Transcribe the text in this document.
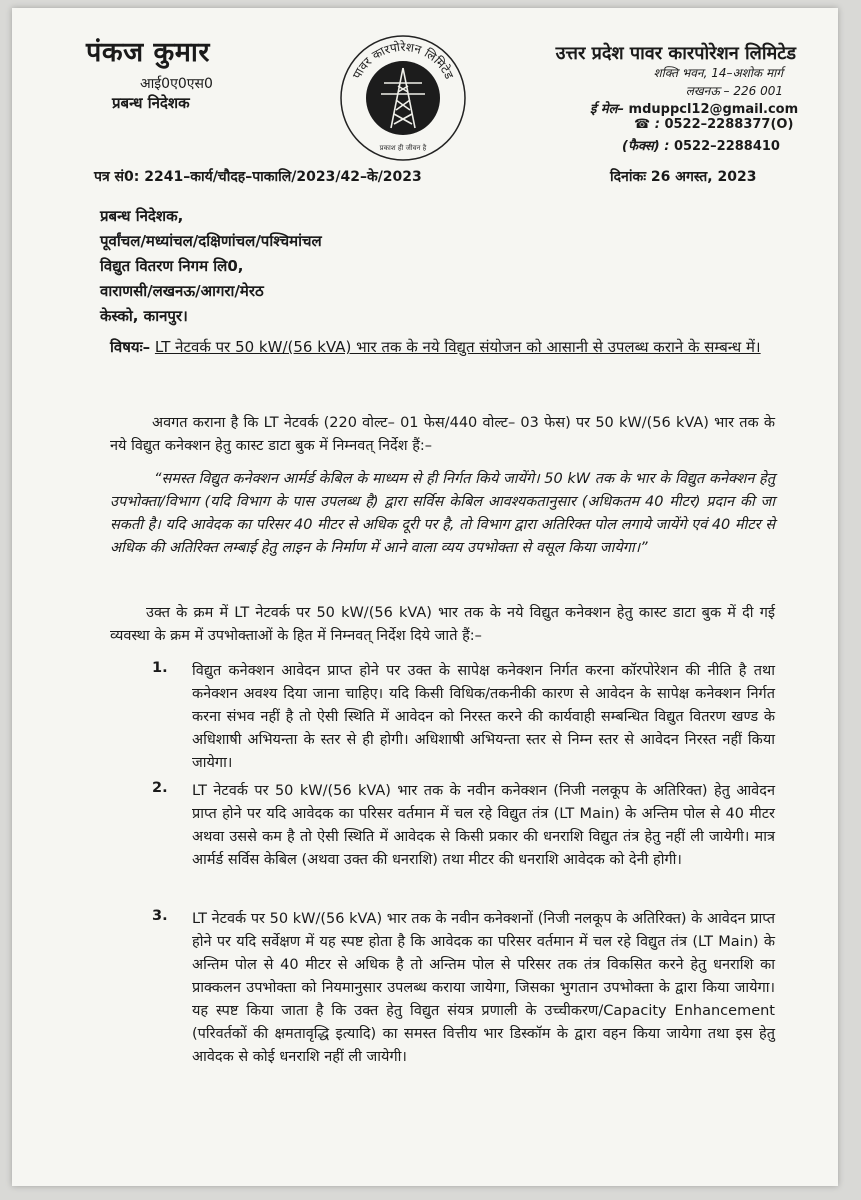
पंकज कुमार
आई0ए0एस0
प्रबन्ध निदेशक
पावर कारपोरेशन लिमिटेड
प्रकाश ही जीवन है
उत्तर प्रदेश पावर कारपोरेशन लिमिटेड
शक्ति भवन, 14–अशोक मार्ग
लखनऊ – 226 001
ई मेल– mduppcl12@gmail.com
☎ : 0522–2288377(O)
(फैक्स) : 0522–2288410
पत्र सं0: 2241–कार्य/चौदह–पाकालि/2023/42–के/2023	दिनांकः 26 अगस्त, 2023
प्रबन्ध निदेशक,
पूर्वांचल/मध्यांचल/दक्षिणांचल/पश्चिमांचल
विद्युत वितरण निगम लि0,
वाराणसी/लखनऊ/आगरा/मेरठ
केस्को, कानपुर।
विषयः– LT नेटवर्क पर 50 kW/(56 kVA) भार तक के नये विद्युत संयोजन को आसानी से उपलब्ध कराने के सम्बन्ध में।
अवगत कराना है कि LT नेटवर्क (220 वोल्ट– 01 फेस/440 वोल्ट– 03 फेस) पर 50 kW/(56 kVA) भार तक के नये विद्युत कनेक्शन हेतु कास्ट डाटा बुक में निम्नवत् निर्देश हैं:–
“समस्त विद्युत कनेक्शन आर्मर्ड केबिल के माध्यम से ही निर्गत किये जायेंगे। 50 kW तक के भार के विद्युत कनेक्शन हेतु उपभोक्ता/विभाग (यदि विभाग के पास उपलब्ध है) द्वारा सर्विस केबिल आवश्यकतानुसार (अधिकतम 40 मीटर) प्रदान की जा सकती है। यदि आवेदक का परिसर 40 मीटर से अधिक दूरी पर है, तो विभाग द्वारा अतिरिक्त पोल लगाये जायेंगे एवं 40 मीटर से अधिक की अतिरिक्त लम्बाई हेतु लाइन के निर्माण में आने वाला व्यय उपभोक्ता से वसूल किया जायेगा।”
उक्त के क्रम में LT नेटवर्क पर 50 kW/(56 kVA) भार तक के नये विद्युत कनेक्शन हेतु कास्ट डाटा बुक में दी गई व्यवस्था के क्रम में उपभोक्ताओं के हित में निम्नवत् निर्देश दिये जाते हैं:–
1. विद्युत कनेक्शन आवेदन प्राप्त होने पर उक्त के सापेक्ष कनेक्शन निर्गत करना कॉरपोरेशन की नीति है तथा कनेक्शन अवश्य दिया जाना चाहिए। यदि किसी विधिक/तकनीकी कारण से आवेदन के सापेक्ष कनेक्शन निर्गत करना संभव नहीं है तो ऐसी स्थिति में आवेदन को निरस्त करने की कार्यवाही सम्बन्धित विद्युत वितरण खण्ड के अधिशाषी अभियन्ता के स्तर से ही होगी। अधिशाषी अभियन्ता स्तर से निम्न स्तर से आवेदन निरस्त नहीं किया जायेगा।
2. LT नेटवर्क पर 50 kW/(56 kVA) भार तक के नवीन कनेक्शन (निजी नलकूप के अतिरिक्त) हेतु आवेदन प्राप्त होने पर यदि आवेदक का परिसर वर्तमान में चल रहे विद्युत तंत्र (LT Main) के अन्तिम पोल से 40 मीटर अथवा उससे कम है तो ऐसी स्थिति में आवेदक से किसी प्रकार की धनराशि विद्युत तंत्र हेतु नहीं ली जायेगी। मात्र आर्मर्ड सर्विस केबिल (अथवा उक्त की धनराशि) तथा मीटर की धनराशि आवेदक को देनी होगी।
3. LT नेटवर्क पर 50 kW/(56 kVA) भार तक के नवीन कनेक्शनों (निजी नलकूप के अतिरिक्त) के आवेदन प्राप्त होने पर यदि सर्वेक्षण में यह स्पष्ट होता है कि आवेदक का परिसर वर्तमान में चल रहे विद्युत तंत्र (LT Main) के अन्तिम पोल से 40 मीटर से अधिक है तो अन्तिम पोल से परिसर तक तंत्र विकसित करने हेतु धनराशि का प्राक्कलन उपभोक्ता को नियमानुसार उपलब्ध कराया जायेगा, जिसका भुगतान उपभोक्ता के द्वारा किया जायेगा। यह स्पष्ट किया जाता है कि उक्त हेतु विद्युत संयत्र प्रणाली के उच्चीकरण/Capacity Enhancement (परिवर्तकों की क्षमतावृद्धि इत्यादि) का समस्त वित्तीय भार डिस्कॉम के द्वारा वहन किया जायेगा तथा इस हेतु आवेदक से कोई धनराशि नहीं ली जायेगी।
